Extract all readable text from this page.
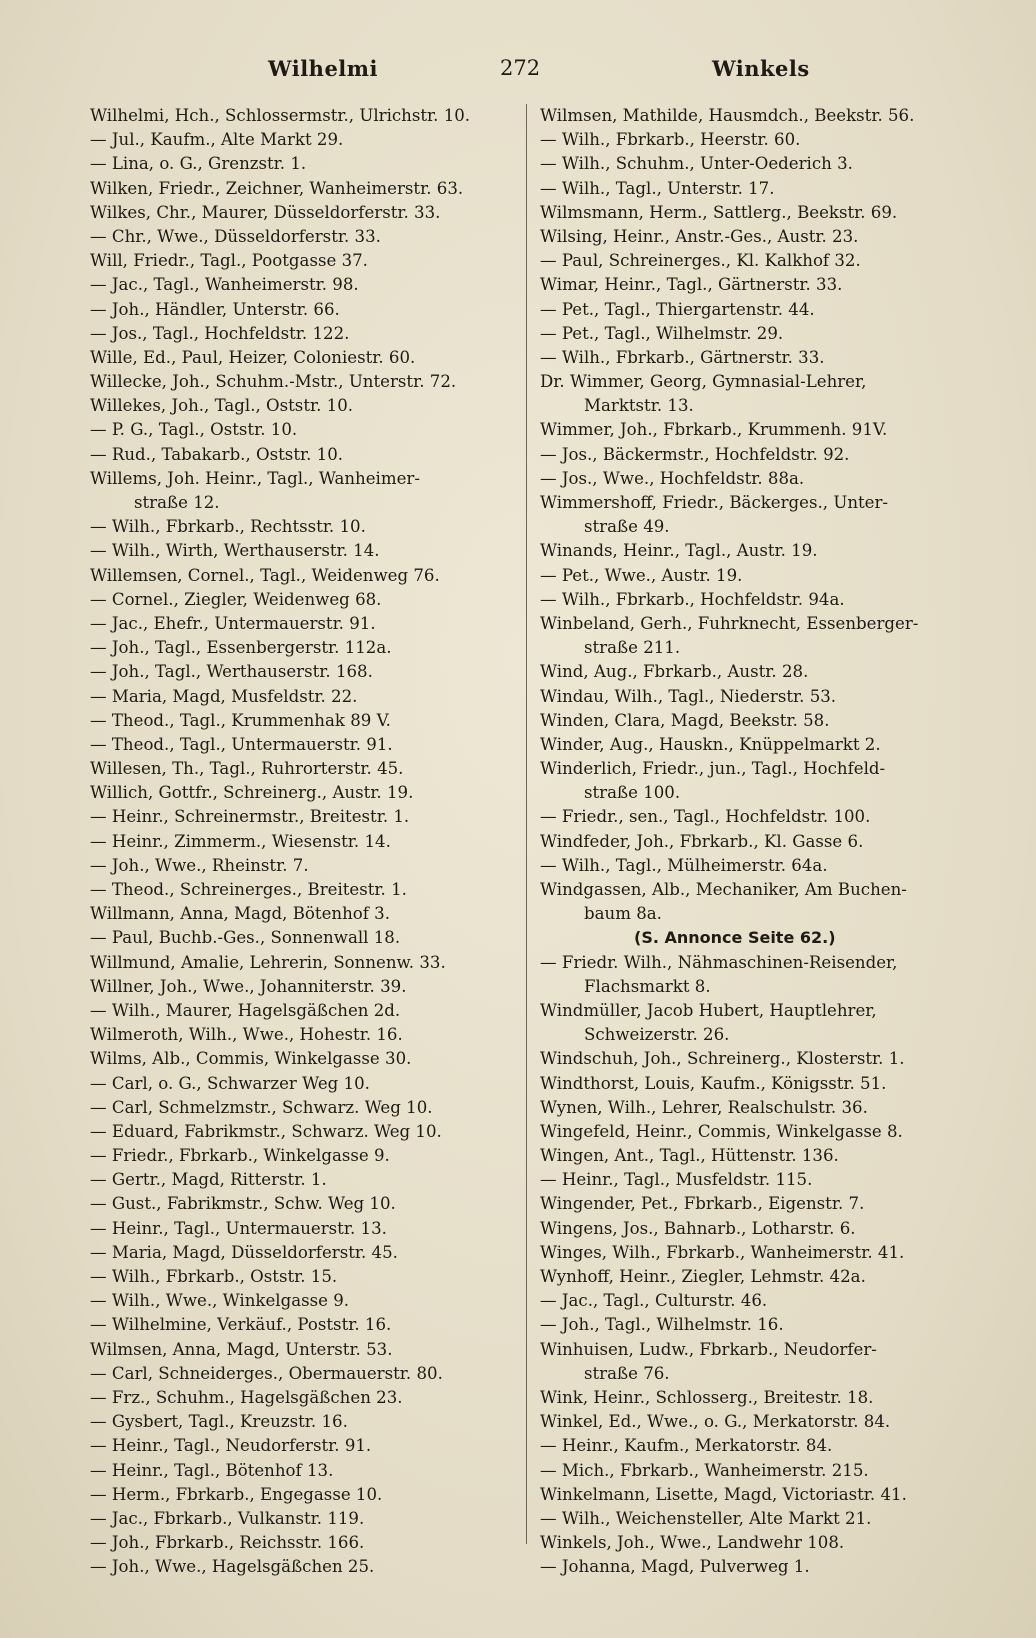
Wilhelmi	272	Winkels
Wilhelmi, Hch., Schlossermstr., Ulrichstr. 10.
— Jul., Kaufm., Alte Markt 29.
— Lina, o. G., Grenzstr. 1.
Wilken, Friedr., Zeichner, Wanheimerstr. 63.
Wilkes, Chr., Maurer, Düsseldorferstr. 33.
— Chr., Wwe., Düsseldorferstr. 33.
Will, Friedr., Tagl., Pootgasse 37.
— Jac., Tagl., Wanheimerstr. 98.
— Joh., Händler, Unterstr. 66.
— Jos., Tagl., Hochfeldstr. 122.
Wille, Ed., Paul, Heizer, Coloniestr. 60.
Willecke, Joh., Schuhm.-Mstr., Unterstr. 72.
Willekes, Joh., Tagl., Oststr. 10.
— P. G., Tagl., Oststr. 10.
— Rud., Tabakarb., Oststr. 10.
Willems, Joh. Heinr., Tagl., Wanheimer-
straße 12.
— Wilh., Fbrkarb., Rechtsstr. 10.
— Wilh., Wirth, Werthauserstr. 14.
Willemsen, Cornel., Tagl., Weidenweg 76.
— Cornel., Ziegler, Weidenweg 68.
— Jac., Ehefr., Untermauerstr. 91.
— Joh., Tagl., Essenbergerstr. 112a.
— Joh., Tagl., Werthauserstr. 168.
— Maria, Magd, Musfeldstr. 22.
— Theod., Tagl., Krummenhak 89 V.
— Theod., Tagl., Untermauerstr. 91.
Willesen, Th., Tagl., Ruhrorterstr. 45.
Willich, Gottfr., Schreinerg., Austr. 19.
— Heinr., Schreinermstr., Breitestr. 1.
— Heinr., Zimmerm., Wiesenstr. 14.
— Joh., Wwe., Rheinstr. 7.
— Theod., Schreinerges., Breitestr. 1.
Willmann, Anna, Magd, Bötenhof 3.
— Paul, Buchb.-Ges., Sonnenwall 18.
Willmund, Amalie, Lehrerin, Sonnenw. 33.
Willner, Joh., Wwe., Johanniterstr. 39.
— Wilh., Maurer, Hagelsgäßchen 2d.
Wilmeroth, Wilh., Wwe., Hohestr. 16.
Wilms, Alb., Commis, Winkelgasse 30.
— Carl, o. G., Schwarzer Weg 10.
— Carl, Schmelzmstr., Schwarz. Weg 10.
— Eduard, Fabrikmstr., Schwarz. Weg 10.
— Friedr., Fbrkarb., Winkelgasse 9.
— Gertr., Magd, Ritterstr. 1.
— Gust., Fabrikmstr., Schw. Weg 10.
— Heinr., Tagl., Untermauerstr. 13.
— Maria, Magd, Düsseldorferstr. 45.
— Wilh., Fbrkarb., Oststr. 15.
— Wilh., Wwe., Winkelgasse 9.
— Wilhelmine, Verkäuf., Poststr. 16.
Wilmsen, Anna, Magd, Unterstr. 53.
— Carl, Schneiderges., Obermauerstr. 80.
— Frz., Schuhm., Hagelsgäßchen 23.
— Gysbert, Tagl., Kreuzstr. 16.
— Heinr., Tagl., Neudorferstr. 91.
— Heinr., Tagl., Bötenhof 13.
— Herm., Fbrkarb., Engegasse 10.
— Jac., Fbrkarb., Vulkanstr. 119.
— Joh., Fbrkarb., Reichsstr. 166.
— Joh., Wwe., Hagelsgäßchen 25.
Wilmsen, Mathilde, Hausmdch., Beekstr. 56.
— Wilh., Fbrkarb., Heerstr. 60.
— Wilh., Schuhm., Unter-Oederich 3.
— Wilh., Tagl., Unterstr. 17.
Wilmsmann, Herm., Sattlerg., Beekstr. 69.
Wilsing, Heinr., Anstr.-Ges., Austr. 23.
— Paul, Schreinerges., Kl. Kalkhof 32.
Wimar, Heinr., Tagl., Gärtnerstr. 33.
— Pet., Tagl., Thiergartenstr. 44.
— Pet., Tagl., Wilhelmstr. 29.
— Wilh., Fbrkarb., Gärtnerstr. 33.
Dr. Wimmer, Georg, Gymnasial-Lehrer,
Marktstr. 13.
Wimmer, Joh., Fbrkarb., Krummenh. 91V.
— Jos., Bäckermstr., Hochfeldstr. 92.
— Jos., Wwe., Hochfeldstr. 88a.
Wimmershoff, Friedr., Bäckerges., Unter-
straße 49.
Winands, Heinr., Tagl., Austr. 19.
— Pet., Wwe., Austr. 19.
— Wilh., Fbrkarb., Hochfeldstr. 94a.
Winbeland, Gerh., Fuhrknecht, Essenberger-
straße 211.
Wind, Aug., Fbrkarb., Austr. 28.
Windau, Wilh., Tagl., Niederstr. 53.
Winden, Clara, Magd, Beekstr. 58.
Winder, Aug., Hauskn., Knüppelmarkt 2.
Winderlich, Friedr., jun., Tagl., Hochfeld-
straße 100.
— Friedr., sen., Tagl., Hochfeldstr. 100.
Windfeder, Joh., Fbrkarb., Kl. Gasse 6.
— Wilh., Tagl., Mülheimerstr. 64a.
Windgassen, Alb., Mechaniker, Am Buchen-
baum 8a.
(S. Annonce Seite 62.)
— Friedr. Wilh., Nähmaschinen-Reisender,
Flachsmarkt 8.
Windmüller, Jacob Hubert, Hauptlehrer,
Schweizerstr. 26.
Windschuh, Joh., Schreinerg., Klosterstr. 1.
Windthorst, Louis, Kaufm., Königsstr. 51.
Wynen, Wilh., Lehrer, Realschulstr. 36.
Wingefeld, Heinr., Commis, Winkelgasse 8.
Wingen, Ant., Tagl., Hüttenstr. 136.
— Heinr., Tagl., Musfeldstr. 115.
Wingender, Pet., Fbrkarb., Eigenstr. 7.
Wingens, Jos., Bahnarb., Lotharstr. 6.
Winges, Wilh., Fbrkarb., Wanheimerstr. 41.
Wynhoff, Heinr., Ziegler, Lehmstr. 42a.
— Jac., Tagl., Culturstr. 46.
— Joh., Tagl., Wilhelmstr. 16.
Winhuisen, Ludw., Fbrkarb., Neudorfer-
straße 76.
Wink, Heinr., Schlosserg., Breitestr. 18.
Winkel, Ed., Wwe., o. G., Merkatorstr. 84.
— Heinr., Kaufm., Merkatorstr. 84.
— Mich., Fbrkarb., Wanheimerstr. 215.
Winkelmann, Lisette, Magd, Victoriastr. 41.
— Wilh., Weichensteller, Alte Markt 21.
Winkels, Joh., Wwe., Landwehr 108.
— Johanna, Magd, Pulverweg 1.
